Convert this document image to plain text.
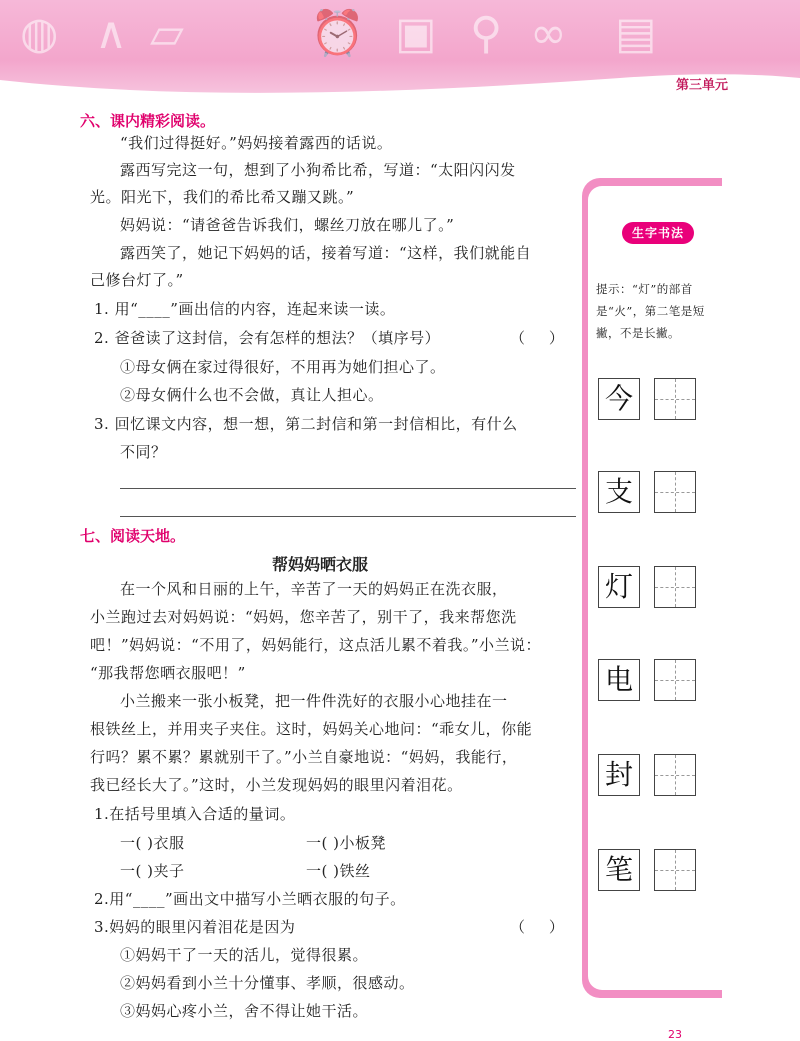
◍ ∧ ▱	⏰ ▣ ⚲ ∞ ▤
第三单元
六、课内精彩阅读。
“我们过得挺好。”妈妈接着露西的话说。
露西写完这一句，想到了小狗希比希，写道：“太阳闪闪发
光。阳光下，我们的希比希又蹦又跳。”
妈妈说：“请爸爸告诉我们，螺丝刀放在哪儿了。”
露西笑了，她记下妈妈的话，接着写道：“这样，我们就能自
己修台灯了。”
1. 用“____”画出信的内容，连起来读一读。
2. 爸爸读了这封信，会有怎样的想法？（填序号）	（     ）
①母女俩在家过得很好，不用再为她们担心了。
②母女俩什么也不会做，真让人担心。
3. 回忆课文内容，想一想，第二封信和第一封信相比，有什么
不同？
七、阅读天地。
帮妈妈晒衣服
在一个风和日丽的上午，辛苦了一天的妈妈正在洗衣服，
小兰跑过去对妈妈说：“妈妈，您辛苦了，别干了，我来帮您洗
吧！”妈妈说：“不用了，妈妈能行，这点活儿累不着我。”小兰说：
“那我帮您晒衣服吧！”
小兰搬来一张小板凳，把一件件洗好的衣服小心地挂在一
根铁丝上，并用夹子夹住。这时，妈妈关心地问：“乖女儿，你能
行吗？累不累？累就别干了。”小兰自豪地说：“妈妈，我能行，
我已经长大了。”这时，小兰发现妈妈的眼里闪着泪花。
1.在括号里填入合适的量词。
一( )衣服	一( )小板凳
一( )夹子	一( )铁丝
2.用“____”画出文中描写小兰晒衣服的句子。
3.妈妈的眼里闪着泪花是因为	（     ）
①妈妈干了一天的活儿，觉得很累。
②妈妈看到小兰十分懂事、孝顺，很感动。
③妈妈心疼小兰，舍不得让她干活。
生字书法
提示：“灯”的部首是“火”，第二笔是短撇，不是长撇。
今
支
灯
电
封
笔
23
